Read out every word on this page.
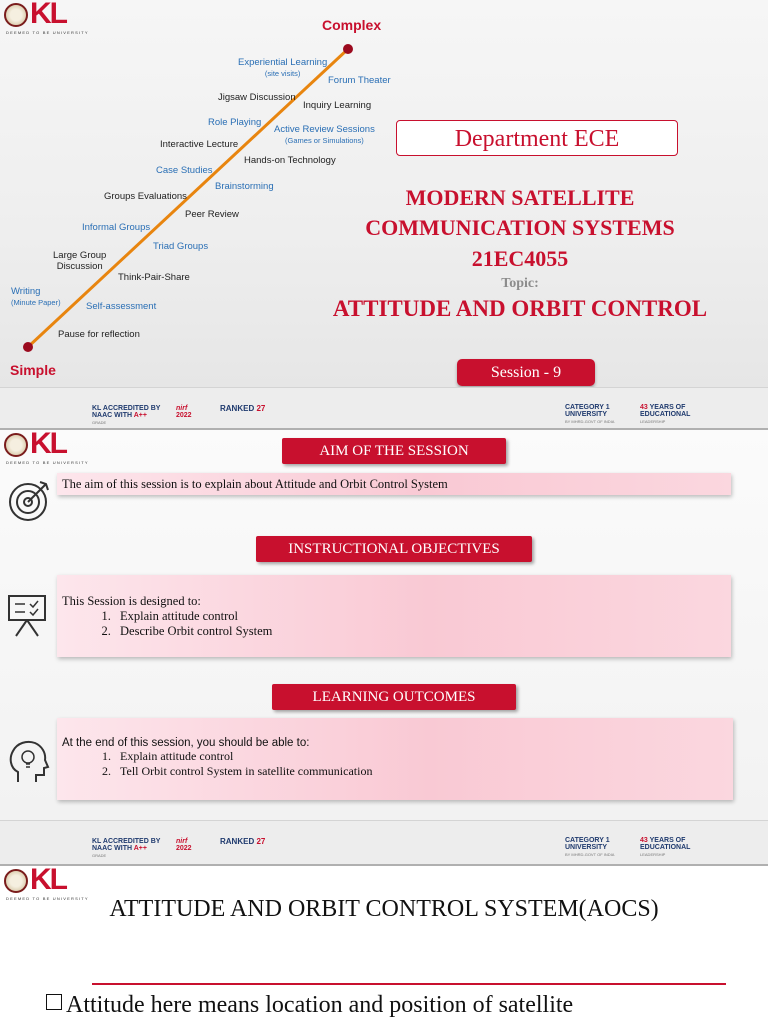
KL
DEEMED TO BE UNIVERSITY	Complex
Simple
Experiential Learning
(site visits)
Forum Theater
Jigsaw Discussion
Inquiry Learning
Role Playing
Active Review Sessions
(Games or Simulations)
Interactive Lecture
Hands-on Technology
Case Studies
Brainstorming
Groups Evaluations
Peer Review
Informal Groups
Triad Groups
Large Group
Discussion
Think-Pair-Share
Writing
(Minute Paper)	Self-assessment
Pause for reflection
Department ECE
MODERN SATELLITE
COMMUNICATION SYSTEMS
21EC4055
Topic:
ATTITUDE AND ORBIT CONTROL
Session - 9
KL ACCREDITED BY
NAAC WITH A++
GRADE
nirf
2022
RANKED 27	CATEGORY 1
UNIVERSITY
BY MHRD-GOVT OF INDIA
43 YEARS OF
EDUCATIONAL
LEADERSHIP
KL
DEEMED TO BE UNIVERSITY
AIM OF THE SESSION
The aim of this session is to explain about Attitude and Orbit Control System
INSTRUCTIONAL OBJECTIVES
This Session is designed to:
1. Explain attitude control
2. Describe Orbit control System
LEARNING OUTCOMES
At the end of this session, you should be able to:
1. Explain attitude control
2. Tell Orbit control System in satellite communication
KL ACCREDITED BY
NAAC WITH A++
GRADE
nirf
2022
RANKED 27	CATEGORY 1
UNIVERSITY
BY MHRD-GOVT OF INDIA
43 YEARS OF
EDUCATIONAL
LEADERSHIP
KL
DEEMED TO BE UNIVERSITY ATTITUDE AND ORBIT CONTROL SYSTEM(AOCS)
Attitude here means location and position of satellite
